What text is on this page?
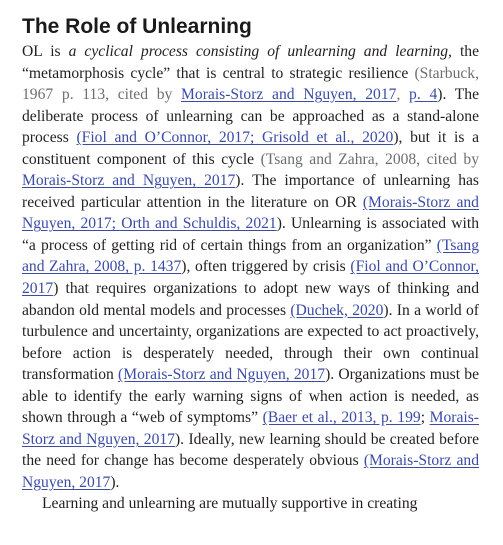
The Role of Unlearning

OL is a cyclical process consisting of unlearning and learning, the “metamorphosis cycle” that is central to strategic resilience (Starbuck, 1967 p. 113, cited by Morais-Storz and Nguyen, 2017, p. 4). The deliberate process of unlearning can be approached as a stand-alone process (Fiol and O’Connor, 2017; Grisold et al., 2020), but it is a constituent component of this cycle (Tsang and Zahra, 2008, cited by Morais-Storz and Nguyen, 2017). The importance of unlearning has received particular attention in the literature on OR (Morais-Storz and Nguyen, 2017; Orth and Schuldis, 2021). Unlearning is associated with “a process of getting rid of certain things from an organization” (Tsang and Zahra, 2008, p. 1437), often triggered by crisis (Fiol and O’Connor, 2017) that requires organizations to adopt new ways of thinking and abandon old mental models and processes (Duchek, 2020). In a world of turbulence and uncertainty, organizations are expected to act proactively, before action is desperately needed, through their own continual transformation (Morais-Storz and Nguyen, 2017). Organizations must be able to identify the early warning signs of when action is needed, as shown through a “web of symptoms” (Baer et al., 2013, p. 199; Morais-Storz and Nguyen, 2017). Ideally, new learning should be created before the need for change has become desperately obvious (Morais-Storz and Nguyen, 2017).

Learning and unlearning are mutually supportive in creating
